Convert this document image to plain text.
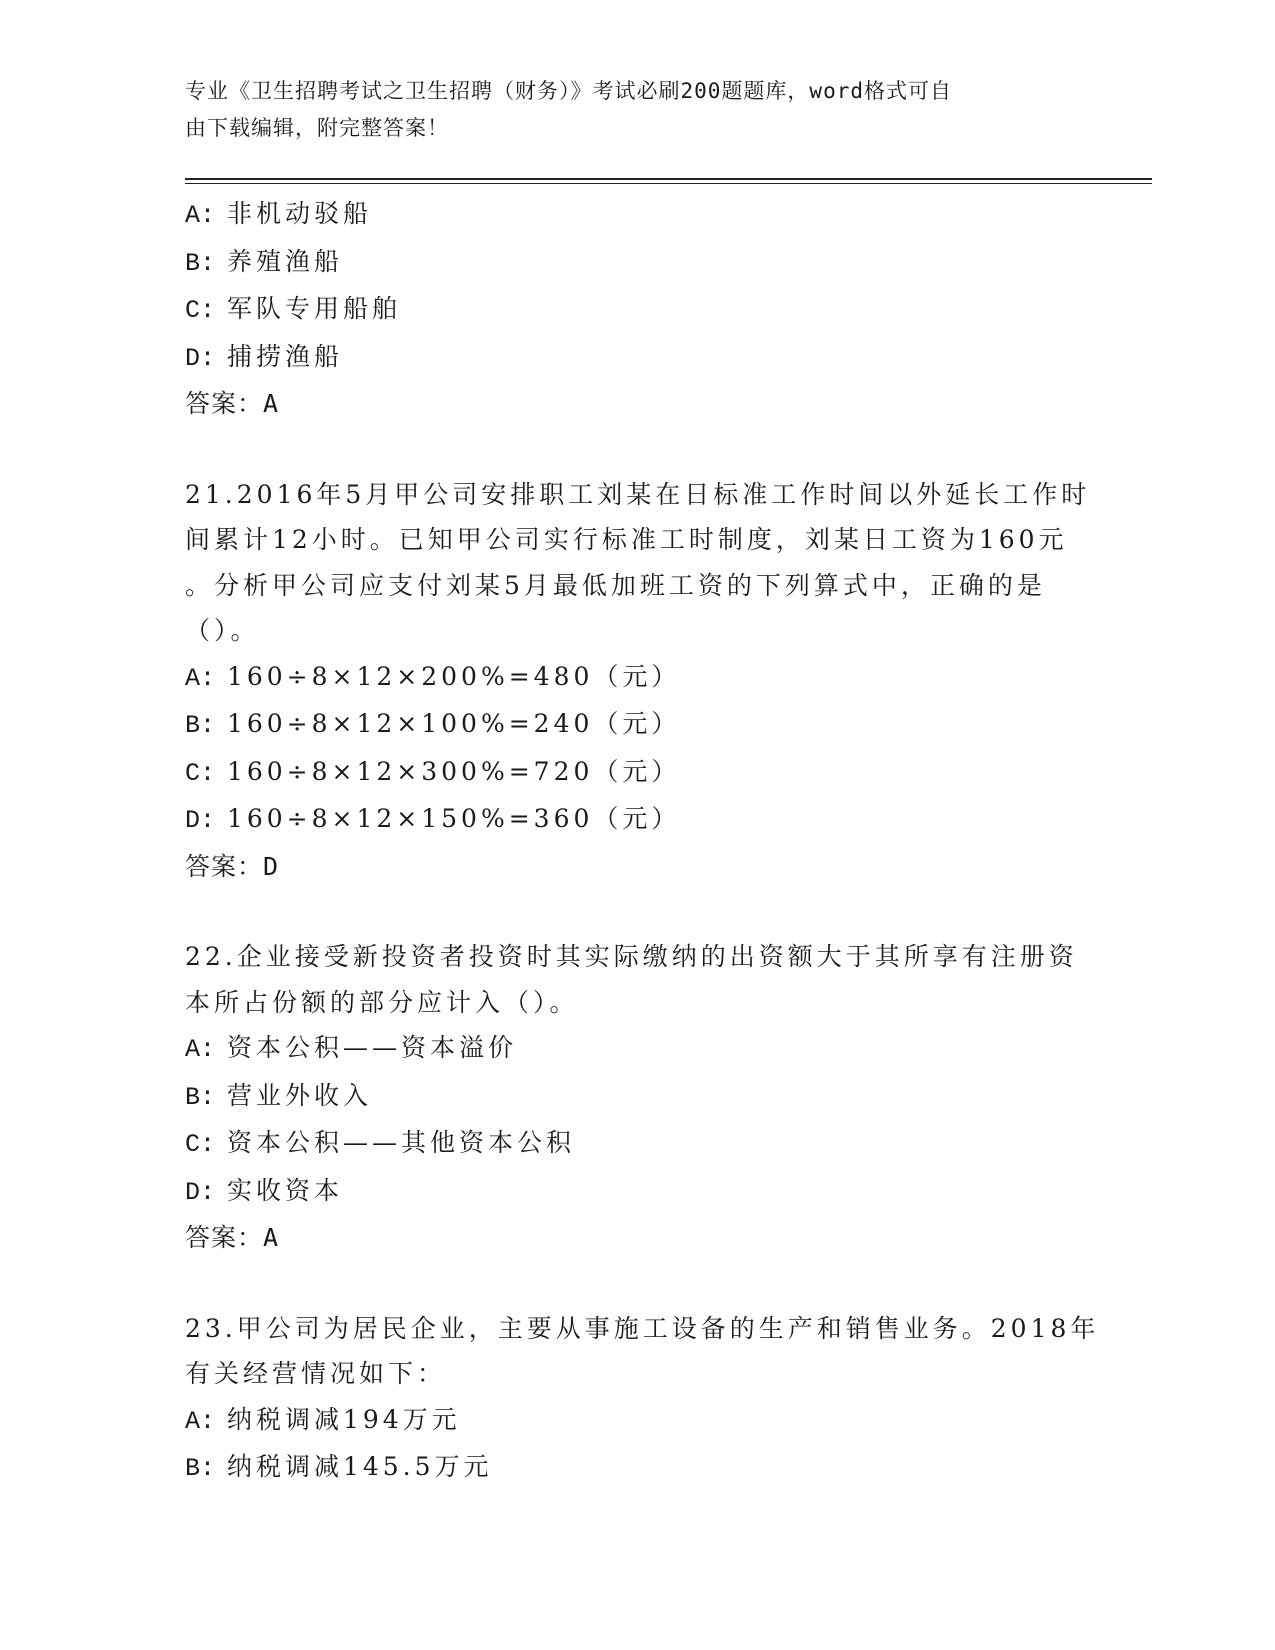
专业《卫生招聘考试之卫生招聘（财务）》考试必刷200题题库，word格式可自
由下载编辑，附完整答案！
A: 非机动驳船
B: 养殖渔船
C: 军队专用船舶
D: 捕捞渔船
答案：A
21.2016年5月甲公司安排职工刘某在日标准工作时间以外延长工作时
间累计12小时。已知甲公司实行标准工时制度，刘某日工资为160元
。分析甲公司应支付刘某5月最低加班工资的下列算式中，正确的是
（）。
A: 160÷8×12×200%=480（元）
B: 160÷8×12×100%=240（元）
C: 160÷8×12×300%=720（元）
D: 160÷8×12×150%=360（元）
答案：D
22.企业接受新投资者投资时其实际缴纳的出资额大于其所享有注册资
本所占份额的部分应计入（）。
A: 资本公积——资本溢价
B: 营业外收入
C: 资本公积——其他资本公积
D: 实收资本
答案：A
23.甲公司为居民企业，主要从事施工设备的生产和销售业务。2018年
有关经营情况如下：
A: 纳税调减194万元
B: 纳税调减145.5万元
